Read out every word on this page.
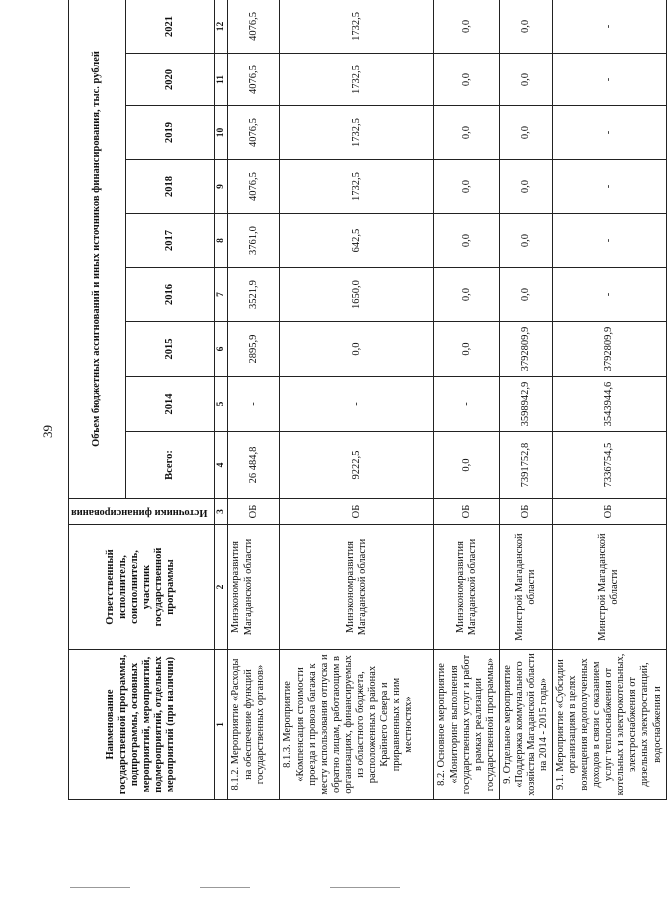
39
Наименование государственной программы, подпрограммы, основных мероприятий, мероприятий, подмероприятий, отдельных мероприятий (при наличии)	Ответственный исполнитель, соисполнитель, участник государственной программы	Источники финансирования	Объем бюджетных ассигнований и иных источников финансирования, тыс. рублей								
			Всего:	2014	2015	2016	2017	2018	2019	2020	2021
1	2	3	4	5	6	7	8	9	10	11	12
8.1.2. Мероприятие «Расходы на обеспечение функций государственных органов»	Минэкономразвития Магаданской области	ОБ	26 484,8	-	2895,9	3521,9	3761,0	4076,5	4076,5	4076,5	4076,5
8.1.3. Мероприятие «Компенсация стоимости проезда и провоза багажа к месту использования отпуска и обратно лицам, работающим в организациях, финансируемых из областного бюджета, расположенных в районах Крайнего Севера и приравненных к ним местностях»	Минэкономразвития Магаданской области	ОБ	9222,5	-	0,0	1650,0	642,5	1732,5	1732,5	1732,5	1732,5
8.2. Основное мероприятие «Мониторинг выполнения государственных услуг и работ в рамках реализации государственной программы»	Минэкономразвития Магаданской области	ОБ	0,0	-	0,0	0,0	0,0	0,0	0,0	0,0	0,0
9. Отдельное мероприятие «Поддержка коммунального хозяйства Магаданской области на 2014 - 2015 годы»	Минстрой Магаданской области	ОБ	7391752,8	3598942,9	3792809,9	0,0	0,0	0,0	0,0	0,0	0,0
9.1. Мероприятие «Субсидии организациям в целях возмещения недополученных доходов в связи с оказанием услуг теплоснабжения от котельных и электрокотельных, электроснабжения от дизельных электростанций, водоснабжения и	Минстрой Магаданской области	ОБ	7336754,5	3543944,6	3792809,9	-	-	-	-	-	-
